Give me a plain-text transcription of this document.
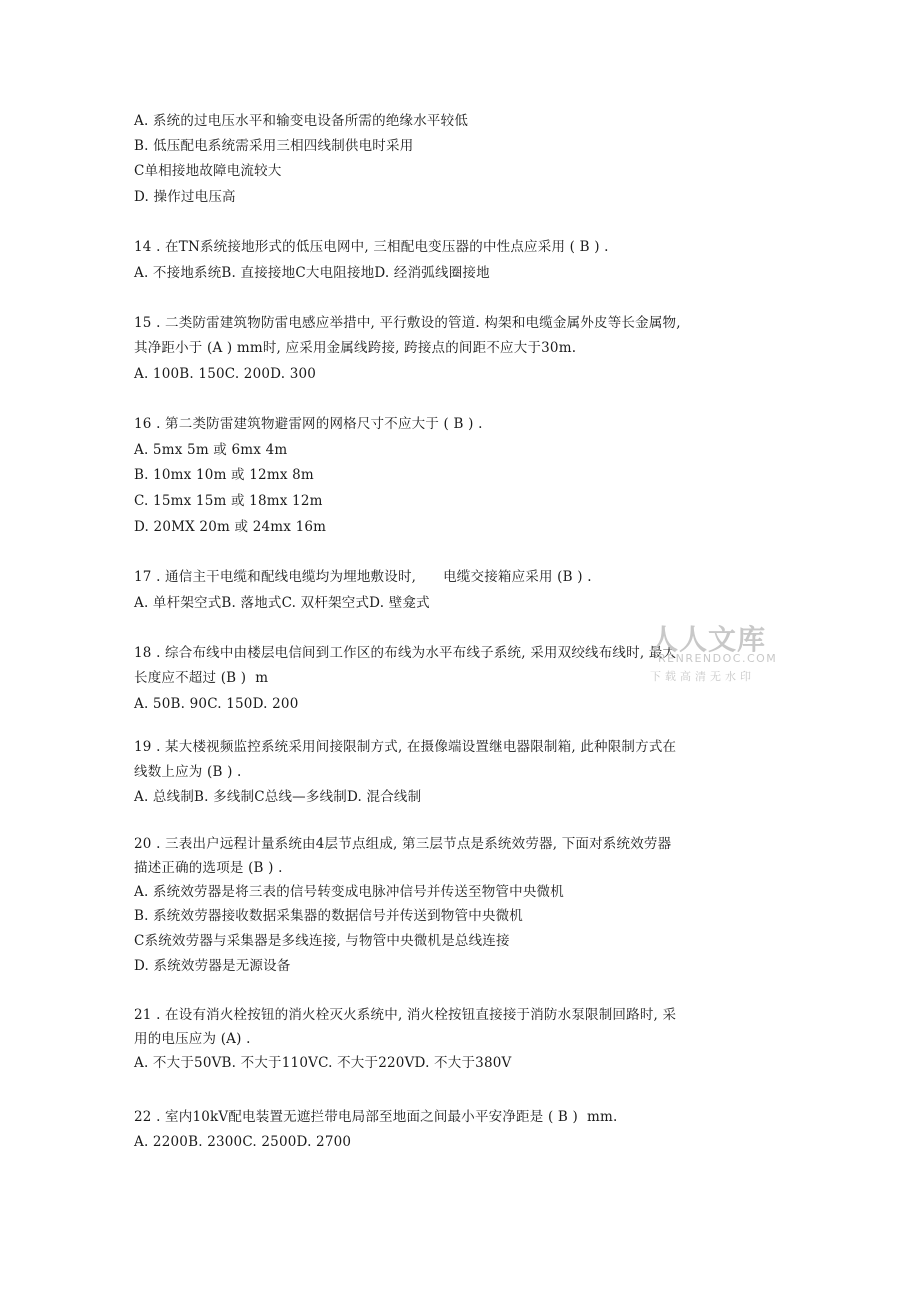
A. 系统的过电压水平和输变电设备所需的绝缘水平较低
B. 低压配电系统需采用三相四线制供电时采用
C单相接地故障电流较大
D. 操作过电压高
14 . 在TN系统接地形式的低压电网中, 三相配电变压器的中性点应采用 ( B ) .
A. 不接地系统B. 直接接地C大电阻接地D. 经消弧线圈接地
15 . 二类防雷建筑物防雷电感应举措中, 平行敷设的管道. 构架和电缆金属外皮等长金属物,
其净距小于 (A ) mm时, 应采用金属线跨接, 跨接点的间距不应大于30m.
A. 100B. 150C. 200D. 300
16 . 第二类防雷建筑物避雷网的网格尺寸不应大于 ( B ) .
A. 5mx 5m 或 6mx 4m
B. 10mx 10m 或 12mx 8m
C. 15mx 15m 或 18mx 12m
D. 20MX 20m 或 24mx 16m
17 . 通信主干电缆和配线电缆均为埋地敷设时,      电缆交接箱应采用 (B ) .
A. 单杆架空式B. 落地式C. 双杆架空式D. 壁龛式
18 . 综合布线中由楼层电信间到工作区的布线为水平布线子系统, 采用双绞线布线时, 最大
长度应不超过 (B )  m
A. 50B. 90C. 150D. 200
19 . 某大楼视频监控系统采用间接限制方式, 在摄像端设置继电器限制箱, 此种限制方式在
线数上应为 (B ) .
A. 总线制B. 多线制C总线—多线制D. 混合线制
20 . 三表出户远程计量系统由4层节点组成, 第三层节点是系统效劳器, 下面对系统效劳器
描述正确的选项是 (B ) .
A. 系统效劳器是将三表的信号转变成电脉冲信号并传送至物管中央微机
B. 系统效劳器接收数据采集器的数据信号并传送到物管中央微机
C系统效劳器与采集器是多线连接, 与物管中央微机是总线连接
D. 系统效劳器是无源设备
21 . 在设有消火栓按钮的消火栓灭火系统中, 消火栓按钮直接接于消防水泵限制回路时, 采
用的电压应为 (A) .
A. 不大于50VB. 不大于110VC. 不大于220VD. 不大于380V
22 . 室内10kV配电装置无遮拦带电局部至地面之间最小平安净距是 ( B )  mm.
A. 2200B. 2300C. 2500D. 2700
人人文库
RENRENDOC.COM
下载高清无水印
